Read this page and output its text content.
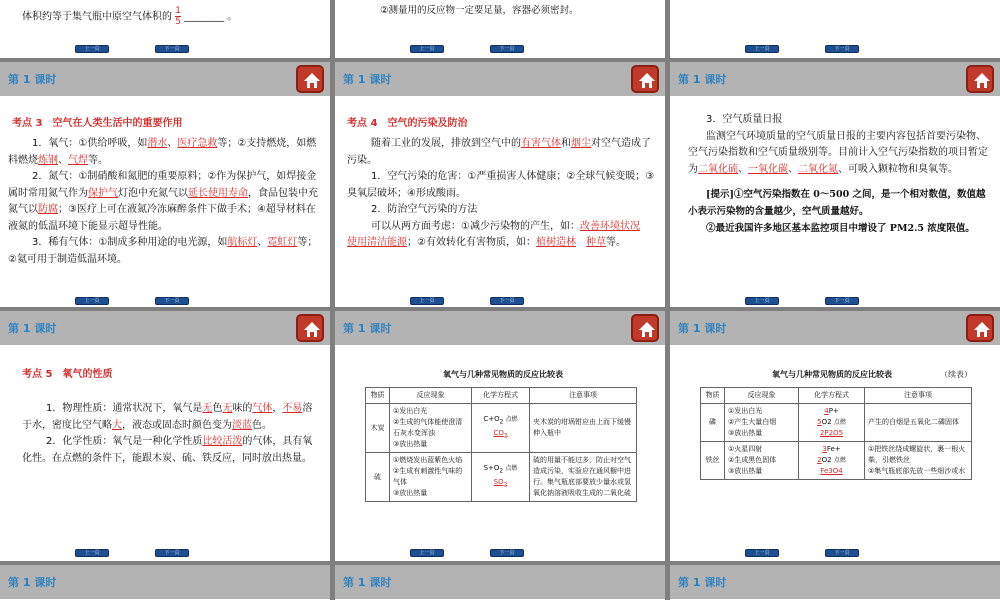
体积约等于集气瓶中原空气体积的 $\frac{1}{5}$ ________ 。
上一页	下一页
②测量用的反应物一定要足量，容器必须密封。
上一页	下一页	上一页	下一页
第 1 课时
考点 3　空气在人类生活中的重要作用
1．氧气：①供给呼吸，如潜水、医疗急救等；②支持燃烧，如燃料燃烧炼钢、气焊等。
2．氮气：①制硝酸和氮肥的重要原料；②作为保护气，如焊接金属时常用氮气作为保护气灯泡中充氮气以延长使用寿命，食品包装中充氮气以防腐；③医疗上可在液氮冷冻麻醉条件下做手术；④超导材料在液氮的低温环境下能显示超导性能。
3．稀有气体：①制成多种用途的电光源，如航标灯、霓虹灯等；②氦可用于制造低温环境。
上一页	下一页
第 1 课时
考点 4　空气的污染及防治
随着工业的发展，排放到空气中的有害气体和烟尘对空气造成了污染。
1．空气污染的危害：①严重损害人体健康；②全球气候变暖；③臭氧层破坏；④形成酸雨。
2．防治空气污染的方法
可以从两方面考虑：①减少污染物的产生，如：改善环境状况　使用清洁能源；②有效转化有害物质，如：植树造林　 种草等。
上一页	下一页
第 1 课时
3．空气质量日报
监测空气环境质量的空气质量日报的主要内容包括首要污染物、空气污染指数和空气质量级别等。目前计入空气污染指数的项目暂定为二氧化硫、一氧化碳、二氧化氮、可吸入颗粒物和臭氧等。
[提示]①空气污染指数在 0～500 之间，是一个相对数值，数值越小表示污染物的含量越少，空气质量越好。
②最近我国许多地区基本监控项目中增设了 PM2.5 浓度限值。
上一页	下一页
第 1 课时
考点 5　氧气的性质
1．物理性质：通常状况下，氧气是无色无味的气体，不易溶于水，密度比空气略大，液态或固态时颜色变为淡蓝色。
2．化学性质：氧气是一种化学性质比较活泼的气体，具有氧化性。在点燃的条件下，能跟木炭、硫、铁反应，同时放出热量。
上一页	下一页
第 1 课时
氧气与几种常见物质的反应比较表
物质	反应现象	化学方程式	注意事项
木炭	①发出白光
②生成的气体能使澄清石灰水变浑浊
③放出热量	$C+O_2$ 点燃
$CO_2$	夹木炭的坩埚钳应由上而下缓慢伸入瓶中
硫	①燃烧发出蓝紫色火焰
②生成有刺激性气味的气体
③放出热量	$S+O_2$ 点燃
$SO_2$	硫的用量不能过多，防止对空气造成污染，实验应在通风橱中进行。集气瓶底部要放少量水或氢氧化钠溶液吸收生成的二氧化硫
上一页	下一页
第 1 课时
氧气与几种常见物质的反应比较表	（续表）
物质	反应现象	化学方程式	注意事项
磷	①发出白光
②产生大量白烟
③放出热量	4P+
5O2 点燃
2P2O5	产生的白烟是五氧化二磷固体
铁丝	①火星四射
②生成黑色固体
③放出热量	3Fe+
2O2 点燃
Fe3O4	①把铁丝绕成螺旋状，裹一根火柴，引燃铁丝
②集气瓶底部先放一些细沙或水
上一页	下一页
第 1 课时	第 1 课时	第 1 课时
